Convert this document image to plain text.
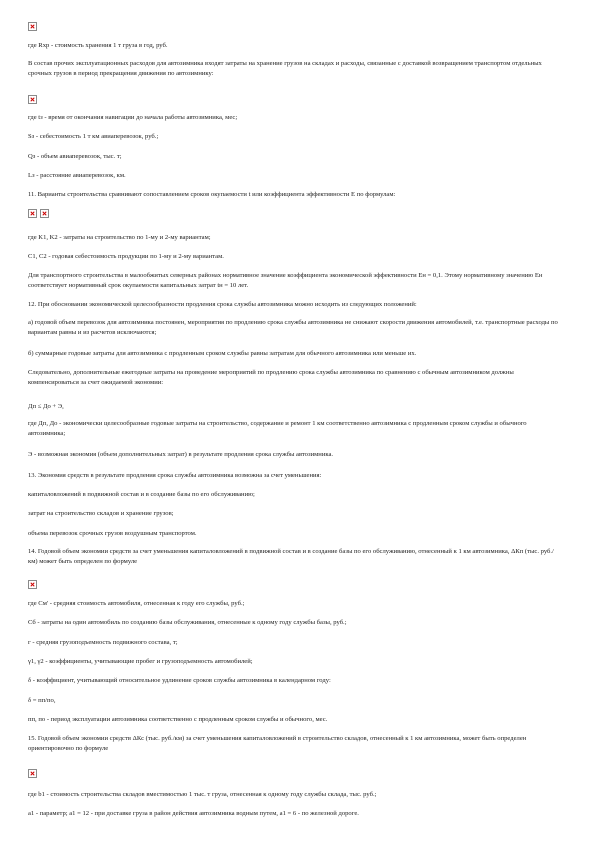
где Rхр - стоимость хранения 1 т груза в год, руб.
В состав прочих эксплуатационных расходов для автозимника входят затраты на хранение грузов на складах и расходы, связанные с доставкой возвращением транспортом отдельных срочных грузов в период прекращения движения по автозимнику:
где tз - время от окончания навигации до начала работы автозимника, мес;
Sз - себестоимость 1 т км авиаперевозок, руб.;
Qз - объем авиаперевозок, тыс. т;
Lз - расстояние авиаперевозок, км.
11. Варианты строительства сравнивают сопоставлением сроков окупаемости t или коэффициента эффективности E по формулам:
где K1, K2 - затраты на строительство по 1-му и 2-му вариантам;
C1, C2 - годовая себестоимость продукции по 1-му и 2-му вариантам.
Для транспортного строительства в малообжитых северных районах нормативное значение коэффициента экономической эффективности Eн = 0,1. Этому нормативному значению Eн соответствует нормативный срок окупаемости капитальных затрат tн = 10 лет.
12. При обосновании экономической целесообразности продления срока службы автозимника можно исходить из следующих положений:
а) годовой объем перевозок для автозимника постоянен, мероприятия по продлению срока службы автозимника не снижают скорости движения автомобилей, т.е. транспортные расходы по вариантам равны и из расчетов исключаются;
б) суммарные годовые затраты для автозимника с продленным сроком службы равны затратам для обычного автозимника или меньше их.
Следовательно, дополнительные ежегодные затраты на проведение мероприятий по продлению срока службы автозимника по сравнению с обычным автозимником должны компенсироваться за счет ожидаемой экономии:
Дп ≤ До + Э,
где Дп, До - экономически целесообразные годовые затраты на строительство, содержание и ремонт 1 км соответственно автозимника с продленным сроком службы и обычного автозимника;
Э - возможная экономия (объем дополнительных затрат) в результате продления срока службы автозимника.
13. Экономия средств в результате продления срока службы автозимника возможна за счет уменьшения:
капиталовложений в подвижной состав и в создание базы по его обслуживанию;
затрат на строительство складов и хранение грузов;
объема перевозок срочных грузов воздушным транспортом.
14. Годовой объем экономии средств за счет уменьшения капиталовложений в подвижной состав и в создание базы по его обслуживанию, отнесенный к 1 км автозимника, ΔКп (тыс. руб./км) может быть определен по формуле
где Cм' - средняя стоимость автомобиля, отнесенная к году его службы, руб.;
Cб - затраты на один автомобиль по созданию базы обслуживания, отнесенные к одному году службы базы, руб.;
г - средняя грузоподъемность подвижного состава, т;
γ1, γ2 - коэффициенты, учитывающие пробег и грузоподъемность автомобилей;
δ - коэффициент, учитывающий относительное удлинение сроков службы автозимника в календарном году:
δ = пп/по,
пп, по - период эксплуатации автозимника соответственно с продленным сроком службы и обычного, мес.
15. Годовой объем экономии средств ΔКс (тыс. руб./км) за счет уменьшения капиталовложений в строительство складов, отнесенный к 1 км автозимника, может быть определен ориентировочно по формуле
где b1 - стоимость строительства складов вместимостью 1 тыс. т груза, отнесенная к одному году службы склада, тыс. руб.;
a1 - параметр; a1 = 12 - при доставке груза в район действия автозимника водным путем, a1 = 6 - по железной дороге.
